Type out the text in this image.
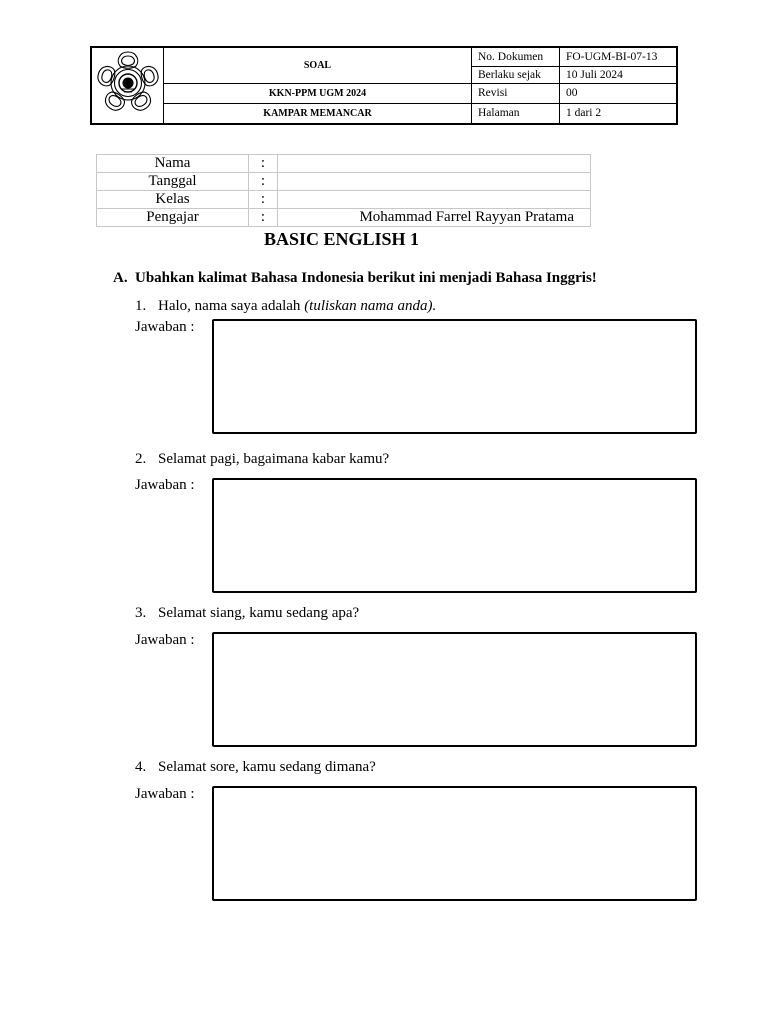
	SOAL	No. Dokumen	FO-UGM-BI-07-13
		Berlaku sejak	10 Juli 2024
	KKN-PPM UGM 2024	Revisi	00
	KAMPAR MEMANCAR	Halaman	1 dari 2
Nama	:	
Tanggal	:	
Kelas	:	
Pengajar	:	Mohammad Farrel Rayyan Pratama
BASIC ENGLISH 1
A. Ubahkan kalimat Bahasa Indonesia berikut ini menjadi Bahasa Inggris!
1. Halo, nama saya adalah (tuliskan nama anda).
Jawaban :
2. Selamat pagi, bagaimana kabar kamu?
Jawaban :
3. Selamat siang, kamu sedang apa?
Jawaban :
4. Selamat sore, kamu sedang dimana?
Jawaban :
